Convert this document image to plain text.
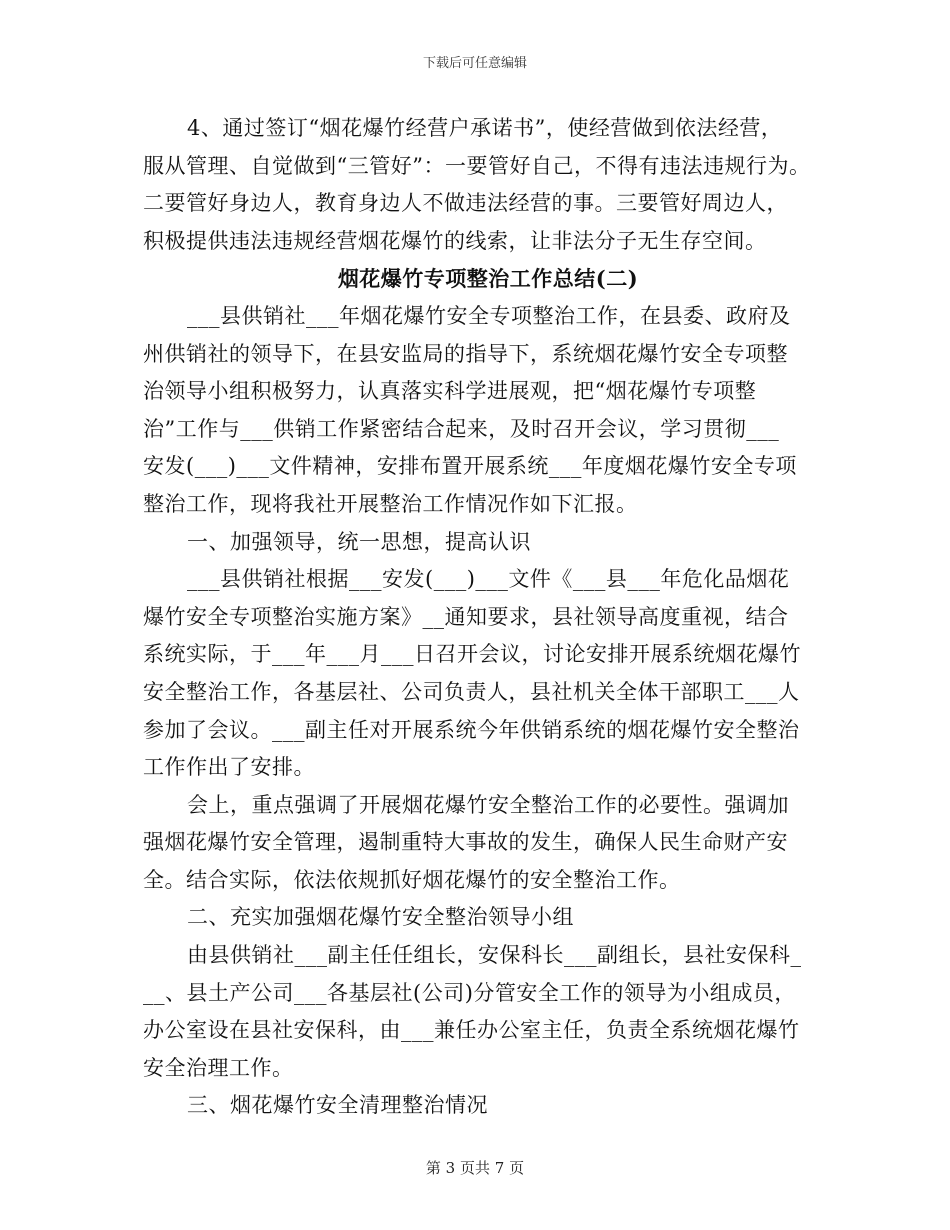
下载后可任意编辑
4、通过签订“烟花爆竹经营户承诺书”，使经营做到依法经营，
服从管理、自觉做到“三管好”：一要管好自己，不得有违法违规行为。
二要管好身边人，教育身边人不做违法经营的事。三要管好周边人，
积极提供违法违规经营烟花爆竹的线索，让非法分子无生存空间。
烟花爆竹专项整治工作总结(二)
___县供销社___年烟花爆竹安全专项整治工作，在县委、政府及
州供销社的领导下，在县安监局的指导下，系统烟花爆竹安全专项整
治领导小组积极努力，认真落实科学进展观，把“烟花爆竹专项整
治”工作与___供销工作紧密结合起来，及时召开会议，学习贯彻___
安发(___)___文件精神，安排布置开展系统___年度烟花爆竹安全专项
整治工作，现将我社开展整治工作情况作如下汇报。
一、加强领导，统一思想，提高认识
___县供销社根据___安发(___)___文件《___县___年危化品烟花
爆竹安全专项整治实施方案》__通知要求，县社领导高度重视，结合
系统实际，于___年___月___日召开会议，讨论安排开展系统烟花爆竹
安全整治工作，各基层社、公司负责人，县社机关全体干部职工___人
参加了会议。___副主任对开展系统今年供销系统的烟花爆竹安全整治
工作作出了安排。
会上，重点强调了开展烟花爆竹安全整治工作的必要性。强调加
强烟花爆竹安全管理，遏制重特大事故的发生，确保人民生命财产安
全。结合实际，依法依规抓好烟花爆竹的安全整治工作。
二、充实加强烟花爆竹安全整治领导小组
由县供销社___副主任任组长，安保科长___副组长，县社安保科_
__、县土产公司___各基层社(公司)分管安全工作的领导为小组成员，
办公室设在县社安保科，由___兼任办公室主任，负责全系统烟花爆竹
安全治理工作。
三、烟花爆竹安全清理整治情况
第 3 页共 7 页
